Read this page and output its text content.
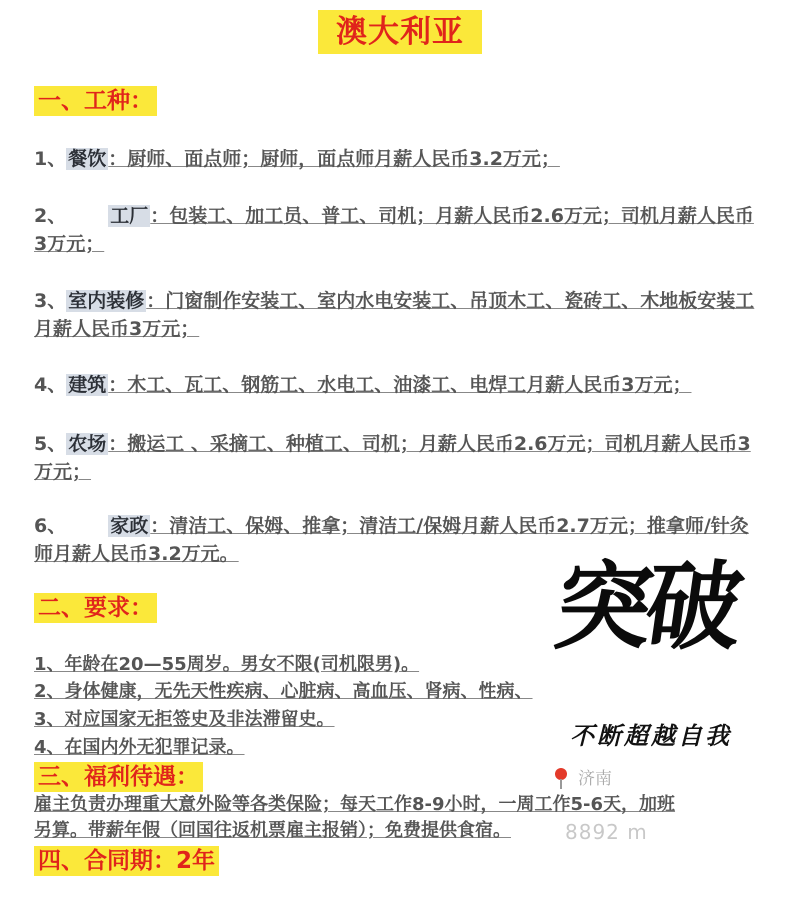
澳大利亚
一、工种：
1、 餐饮 ：厨师、面点师；厨师，面点师月薪人民币3.2万元；
2、 工厂 ：包装工、加工员、普工、司机；月薪人民币2.6万元；司机月薪人民币3万元；
3、 室内装修 ：门窗制作安装工、室内水电安装工、吊顶木工、瓷砖工、木地板安装工月薪人民币3万元；
4、 建筑 ：木工、瓦工、钢筋工、水电工、油漆工、电焊工月薪人民币3万元；
5、 农场 ：搬运工 、采摘工、种植工、司机；月薪人民币2.6万元；司机月薪人民币3万元；
6、 家政 ：清洁工、保姆、推拿；清洁工/保姆月薪人民币2.7万元；推拿师/针灸师月薪人民币3.2万元。
二、要求：
1、年龄在20—55周岁。男女不限(司机限男)。
2、身体健康，无先天性疾病、心脏病、高血压、肾病、性病、
3、对应国家无拒签史及非法滞留史。
4、在国内外无犯罪记录。
三、福利待遇：
雇主负责办理重大意外险等各类保险；每天工作8-9小时，一周工作5-6天，加班
另算。带薪年假（回国往返机票雇主报销）；免费提供食宿。
四、合同期：2年
突破
不断超越自我
济南
8892 m
